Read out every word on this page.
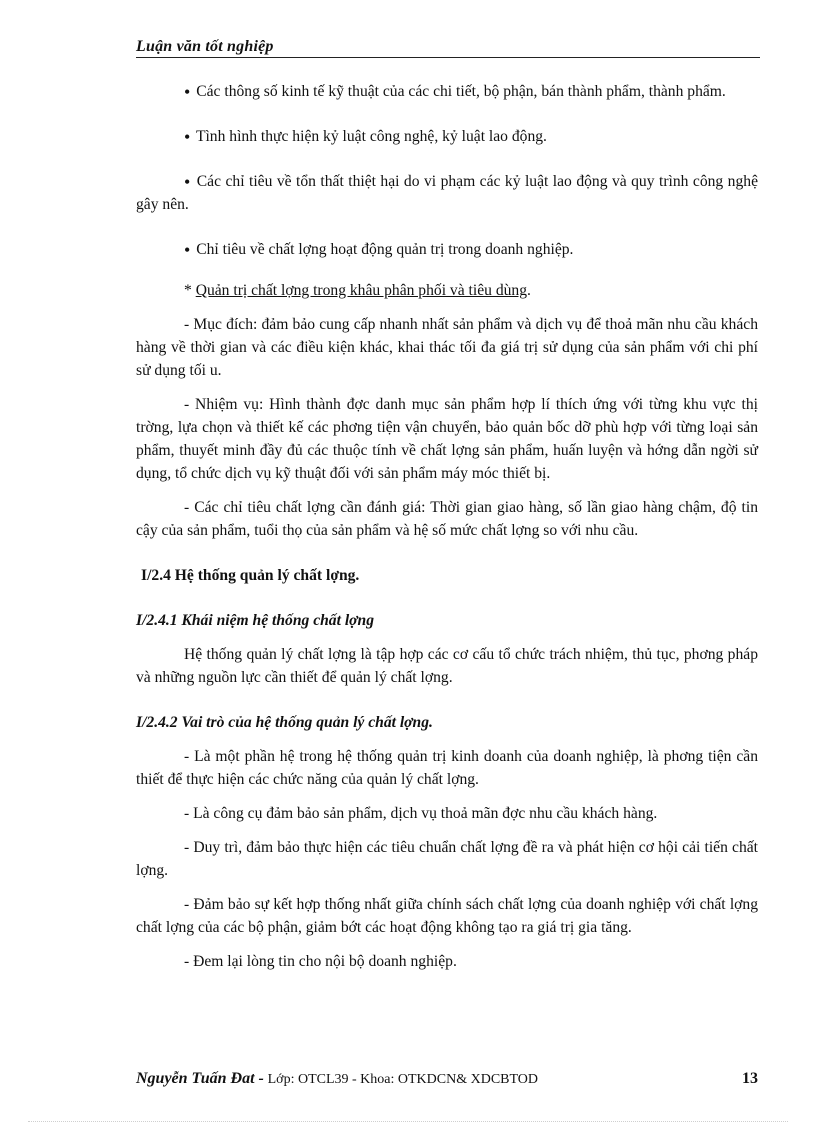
Luận văn tốt nghiệp

• Các thông số kinh tế kỹ thuật của các chi tiết, bộ phận, bán thành phẩm, thành phẩm.

• Tình hình thực hiện kỷ luật công nghệ, kỷ luật lao động.

• Các chỉ tiêu về tổn thất thiệt hại do vi phạm các kỷ luật lao động và quy trình công nghệ gây nên.

• Chỉ tiêu về chất lợng hoạt động quản trị trong doanh nghiệp.

* Quản trị chất lợng trong khâu phân phối và tiêu dùng.

- Mục đích: đảm bảo cung cấp nhanh nhất sản phẩm và dịch vụ để thoả mãn nhu cầu khách hàng về thời gian và các điều kiện khác, khai thác tối đa giá trị sử dụng của sản phẩm với chi phí sử dụng tối u.

- Nhiệm vụ: Hình thành đợc danh mục sản phẩm hợp lí thích ứng với từng khu vực thị trờng, lựa chọn và thiết kế các phơng tiện vận chuyển, bảo quản bốc dỡ phù hợp với từng loại sản phẩm, thuyết minh đầy đủ các thuộc tính về chất lợng sản phẩm, huấn luyện và hớng dẫn ngời sử dụng, tổ chức dịch vụ kỹ thuật đối với sản phẩm máy móc thiết bị.

- Các chỉ tiêu chất lợng cần đánh giá: Thời gian giao hàng, số lần giao hàng chậm, độ tin cậy của sản phẩm, tuổi thọ của sản phẩm và hệ số mức chất lợng so với nhu cầu.

I/2.4 Hệ thống quản lý chất lợng.

I/2.4.1 Khái niệm hệ thống chất lợng

Hệ thống quản lý chất lợng là tập hợp các cơ cấu tổ chức trách nhiệm, thủ tục, phơng pháp và những nguồn lực cần thiết để quản lý chất lợng.

I/2.4.2 Vai trò của hệ thống quản lý chất lợng.

- Là một phần hệ trong hệ thống quản trị kinh doanh của doanh nghiệp, là phơng tiện cần thiết để thực hiện các chức năng của quản lý chất lợng.

- Là công cụ đảm bảo sản phẩm, dịch vụ thoả mãn đợc nhu cầu khách hàng.

- Duy trì, đảm bảo thực hiện các tiêu chuẩn chất lợng đề ra và phát hiện cơ hội cải tiến chất lợng.

- Đảm bảo sự kết hợp thống nhất giữa chính sách chất lợng của doanh nghiệp với chất lợng chất lợng của các bộ phận, giảm bớt các hoạt động không tạo ra giá trị gia tăng.

- Đem lại lòng tin cho nội bộ doanh nghiệp.

Nguyễn Tuấn Đat - Lớp: OTCL39 - Khoa: OTKDCN& XDCBTOD	13
